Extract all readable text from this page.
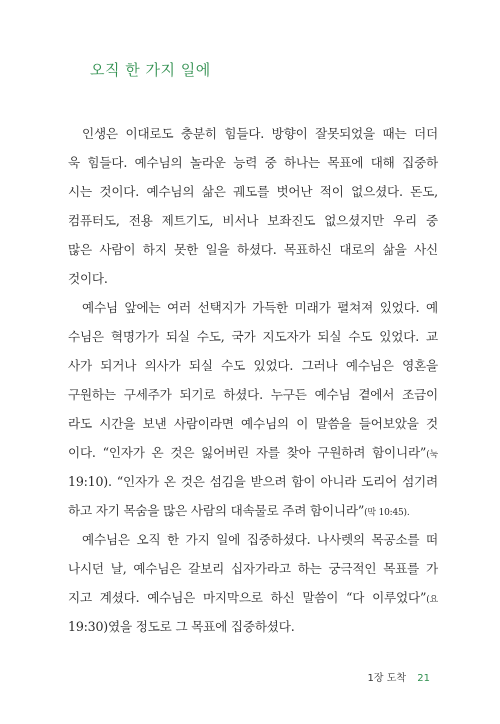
오직 한 가지 일에
인생은 이대로도 충분히 힘들다. 방향이 잘못되었을 때는 더더
욱 힘들다. 예수님의 놀라운 능력 중 하나는 목표에 대해 집중하
시는 것이다. 예수님의 삶은 궤도를 벗어난 적이 없으셨다. 돈도,
컴퓨터도, 전용 제트기도, 비서나 보좌진도 없으셨지만 우리 중
많은 사람이 하지 못한 일을 하셨다. 목표하신 대로의 삶을 사신
것이다.
예수님 앞에는 여러 선택지가 가득한 미래가 펼쳐져 있었다. 예
수님은 혁명가가 되실 수도, 국가 지도자가 되실 수도 있었다. 교
사가 되거나 의사가 되실 수도 있었다. 그러나 예수님은 영혼을
구원하는 구세주가 되기로 하셨다. 누구든 예수님 곁에서 조금이
라도 시간을 보낸 사람이라면 예수님의 이 말씀을 들어보았을 것
이다. “인자가 온 것은 잃어버린 자를 찾아 구원하려 함이니라”(눅
19:10). “인자가 온 것은 섬김을 받으려 함이 아니라 도리어 섬기려
하고 자기 목숨을 많은 사람의 대속물로 주려 함이니라”(막 10:45).
예수님은 오직 한 가지 일에 집중하셨다. 나사렛의 목공소를 떠
나시던 날, 예수님은 갈보리 십자가라고 하는 궁극적인 목표를 가
지고 계셨다. 예수님은 마지막으로 하신 말씀이 “다 이루었다”(요
19:30)였을 정도로 그 목표에 집중하셨다.
1장 도착 21
